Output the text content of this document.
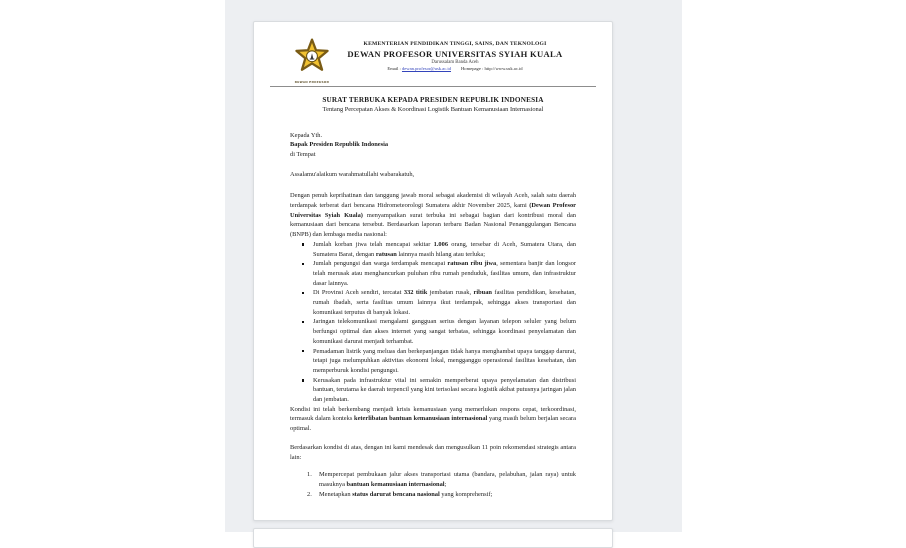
DEWAN PROFESOR
KEMENTERIAN PENDIDIKAN TINGGI, SAINS, DAN TEKNOLOGI
DEWAN PROFESOR UNIVERSITAS SYIAH KUALA
Darussalam Banda Aceh
Email : dewan.profesor@usk.ac.id Homepage : http://www.usk.ac.id
SURAT TERBUKA KEPADA PRESIDEN REPUBLIK INDONESIA
Tentang Percepatan Akses & Koordinasi Logistik Bantuan Kemanusiaan Internasional
Kepada Yth.
Bapak Presiden Republik Indonesia
di Tempat
Assalamu'alaikum warahmatullahi wabarakatuh,

Dengan penuh keprihatinan dan tanggung jawab moral sebagai akademisi di wilayah Aceh, salah satu daerah terdampak terberat dari bencana Hidrometeorologi Sumatera akhir November 2025, kami (Dewan Profesor Universitas Syiah Kuala) menyampaikan surat terbuka ini sebagai bagian dari kontribusi moral dan kemanusiaan dari bencana tersebut. Berdasarkan laporan terbaru Badan Nasional Penanggulangan Bencana (BNPB) dan lembaga media nasional:

Jumlah korban jiwa telah mencapai sekitar 1.006 orang, tersebar di Aceh, Sumatera Utara, dan Sumatera Barat, dengan ratusan lainnya masih hilang atau terluka;
Jumlah pengungsi dan warga terdampak mencapai ratusan ribu jiwa, sementara banjir dan longsor telah merusak atau menghancurkan puluhan ribu rumah penduduk, fasilitas umum, dan infrastruktur dasar lainnya.
Di Provinsi Aceh sendiri, tercatat 332 titik jembatan rusak, ribuan fasilitas pendidikan, kesehatan, rumah ibadah, serta fasilitas umum lainnya ikut terdampak, sehingga akses transportasi dan komunikasi terputus di banyak lokasi.
Jaringan telekomunikasi mengalami gangguan serius dengan layanan telepon seluler yang belum berfungsi optimal dan akses internet yang sangat terbatas, sehingga koordinasi penyelamatan dan komunikasi darurat menjadi terhambat.
Pemadaman listrik yang meluas dan berkepanjangan tidak hanya menghambat upaya tanggap darurat, tetapi juga melumpuhkan aktivitas ekonomi lokal, mengganggu operasional fasilitas kesehatan, dan memperburuk kondisi pengungsi.
Kerusakan pada infrastruktur vital ini semakin memperberat upaya penyelamatan dan distribusi bantuan, terutama ke daerah terpencil yang kini terisolasi secara logistik akibat putusnya jaringan jalan dan jembatan.

Kondisi ini telah berkembang menjadi krisis kemanusiaan yang memerlukan respons cepat, terkoordinasi, termasuk dalam konteks keterlibatan bantuan kemanusiaan internasional yang masih belum berjalan secara optimal.

Berdasarkan kondisi di atas, dengan ini kami mendesak dan mengusulkan 11 poin rekomendasi strategis antara lain:

Mempercepat pembukaan jalur akses transportasi utama (bandara, pelabuhan, jalan raya) untuk masuknya bantuan kemanusiaan internasional;
Menetapkan status darurat bencana nasional yang komprehensif;
